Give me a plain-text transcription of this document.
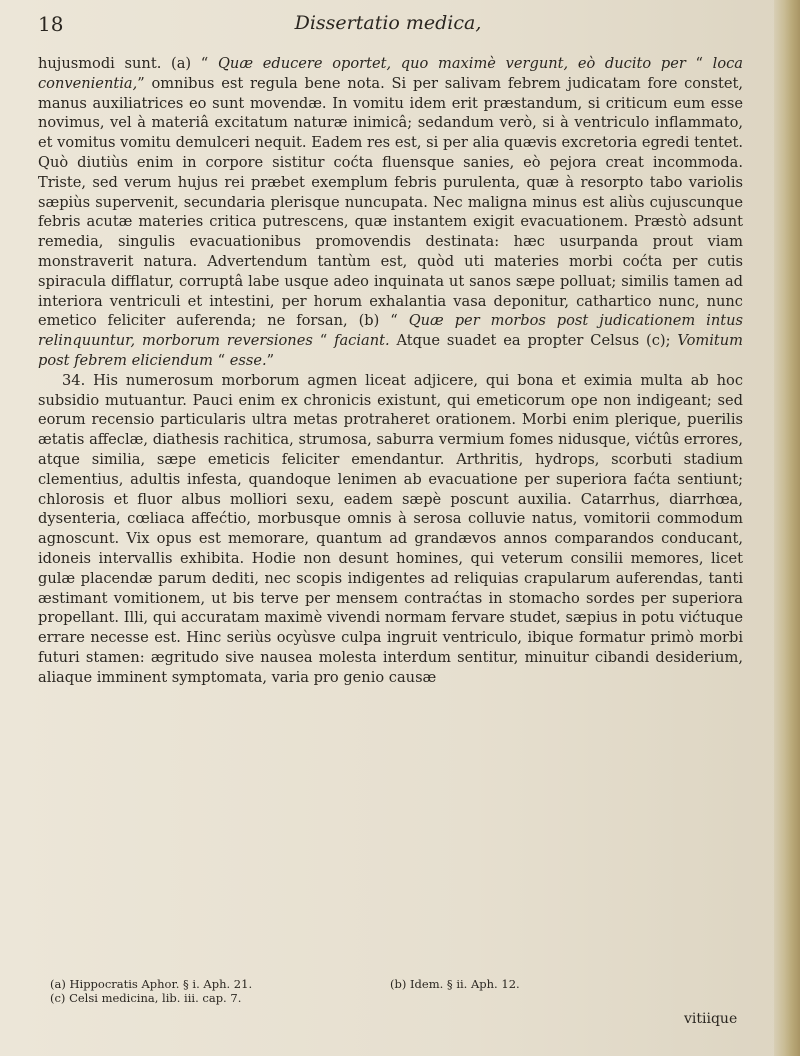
18	Dissertatio medica,

hujusmodi sunt. (a) “ Quæ educere oportet, quo maximè vergunt, eò ducito per “ loca convenientia,” omnibus est regula bene nota. Si per salivam febrem judicatam fore constet, manus auxiliatrices eo sunt movendæ. In vomitu idem erit præstandum, si criticum eum esse novimus, vel à materiâ excitatum naturæ inimicâ; sedandum verò, si à ventriculo inflammato, et vomitus vomitu demulceri nequit. Eadem res est, si per alia quævis excretoria egredi tentet. Quò diutiùs enim in corpore sistitur coćta fluensque sanies, eò pejora creat incommoda. Triste, sed verum hujus rei præbet exemplum febris purulenta, quæ à resorpto tabo variolis sæpiùs supervenit, secundaria plerisque nuncupata. Nec maligna minus est aliùs cujuscunque febris acutæ materies critica putrescens, quæ instantem exigit evacuationem. Præstò adsunt remedia, singulis evacuationibus promovendis destinata: hæc usurpanda prout viam monstraverit natura. Advertendum tantùm est, quòd uti materies morbi coćta per cutis spiracula difflatur, corruptâ labe usque adeo inquinata ut sanos sæpe polluat; similis tamen ad interiora ventriculi et intestini, per horum exhalantia vasa deponitur, cathartico nunc, nunc emetico feliciter auferenda; ne forsan, (b) “ Quæ per morbos post judicationem intus relinquuntur, morborum reversiones “ faciant. Atque suadet ea propter Celsus (c); Vomitum post febrem eliciendum “ esse.”

34. His numerosum morborum agmen liceat adjicere, qui bona et eximia multa ab hoc subsidio mutuantur. Pauci enim ex chronicis existunt, qui emeticorum ope non indigeant; sed eorum recensio particularis ultra metas protraheret orationem. Morbi enim plerique, puerilis ætatis affeclæ, diathesis rachitica, strumosa, saburra vermium fomes nidusque, vićtûs errores, atque similia, sæpe emeticis feliciter emendantur. Arthritis, hydrops, scorbuti stadium clementius, adultis infesta, quandoque lenimen ab evacuatione per superiora faćta sentiunt; chlorosis et fluor albus molliori sexu, eadem sæpè poscunt auxilia. Catarrhus, diarrhœa, dysenteria, cœliaca affećtio, morbusque omnis à serosa colluvie natus, vomitorii commodum agnoscunt. Vix opus est memorare, quantum ad grandævos annos comparandos conducant, idoneis intervallis exhibita. Hodie non desunt homines, qui veterum consilii memores, licet gulæ placendæ parum dediti, nec scopis indigentes ad reliquias crapularum auferendas, tanti æstimant vomitionem, ut bis terve per mensem contraćtas in stomacho sordes per superiora propellant. Illi, qui accuratam maximè vivendi normam fervare studet, sæpius in potu vićtuque errare necesse est. Hinc seriùs ocyùsve culpa ingruit ventriculo, ibique formatur primò morbi futuri stamen: ægritudo sive nausea molesta interdum sentitur, minuitur cibandi desiderium, aliaque imminent symptomata, varia pro genio causæ

(a) Hippocratis Aphor. § i. Aph. 21.	(b) Idem. § ii. Aph. 12.
(c) Celsi medicina, lib. iii. cap. 7.
vitiique
